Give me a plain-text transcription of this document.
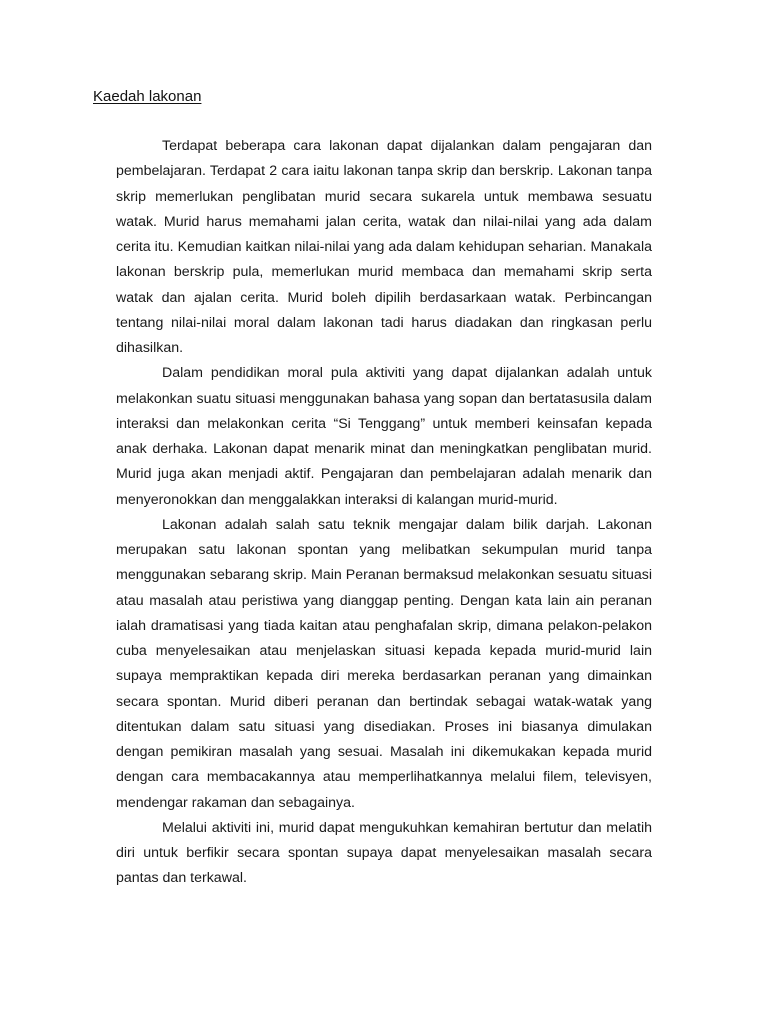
Kaedah lakonan

Terdapat beberapa cara lakonan dapat dijalankan dalam pengajaran dan pembelajaran. Terdapat 2 cara iaitu lakonan tanpa skrip dan berskrip. Lakonan tanpa skrip memerlukan penglibatan murid secara sukarela untuk membawa sesuatu watak. Murid harus memahami jalan cerita, watak dan nilai-nilai yang ada dalam cerita itu. Kemudian kaitkan nilai-nilai yang ada dalam kehidupan seharian. Manakala lakonan berskrip pula, memerlukan murid membaca dan memahami skrip serta watak dan ajalan cerita. Murid boleh dipilih berdasarkaan watak. Perbincangan tentang nilai-nilai moral dalam lakonan tadi harus diadakan dan ringkasan perlu dihasilkan.

Dalam pendidikan moral pula aktiviti yang dapat dijalankan adalah untuk melakonkan suatu situasi menggunakan bahasa yang sopan dan bertatasusila dalam interaksi dan melakonkan cerita “Si Tenggang” untuk memberi keinsafan kepada anak derhaka. Lakonan dapat menarik minat dan meningkatkan penglibatan murid. Murid juga akan menjadi aktif. Pengajaran dan pembelajaran adalah menarik dan menyeronokkan dan menggalakkan interaksi di kalangan murid-murid.

Lakonan adalah salah satu teknik mengajar dalam bilik darjah. Lakonan merupakan satu lakonan spontan yang melibatkan sekumpulan murid tanpa menggunakan sebarang skrip. Main Peranan bermaksud melakonkan sesuatu situasi atau masalah atau peristiwa yang dianggap penting. Dengan kata lain ain peranan ialah dramatisasi yang tiada kaitan atau penghafalan skrip, dimana pelakon-pelakon cuba menyelesaikan atau menjelaskan situasi kepada kepada murid-murid lain supaya mempraktikan kepada diri mereka berdasarkan peranan yang dimainkan secara spontan. Murid diberi peranan dan bertindak sebagai watak-watak yang ditentukan dalam satu situasi yang disediakan. Proses ini biasanya dimulakan dengan pemikiran masalah yang sesuai. Masalah ini dikemukakan kepada murid dengan cara membacakannya atau memperlihatkannya melalui filem, televisyen, mendengar rakaman dan sebagainya.

Melalui aktiviti ini, murid dapat mengukuhkan kemahiran bertutur dan melatih diri untuk berfikir secara spontan supaya dapat menyelesaikan masalah secara pantas dan terkawal.
